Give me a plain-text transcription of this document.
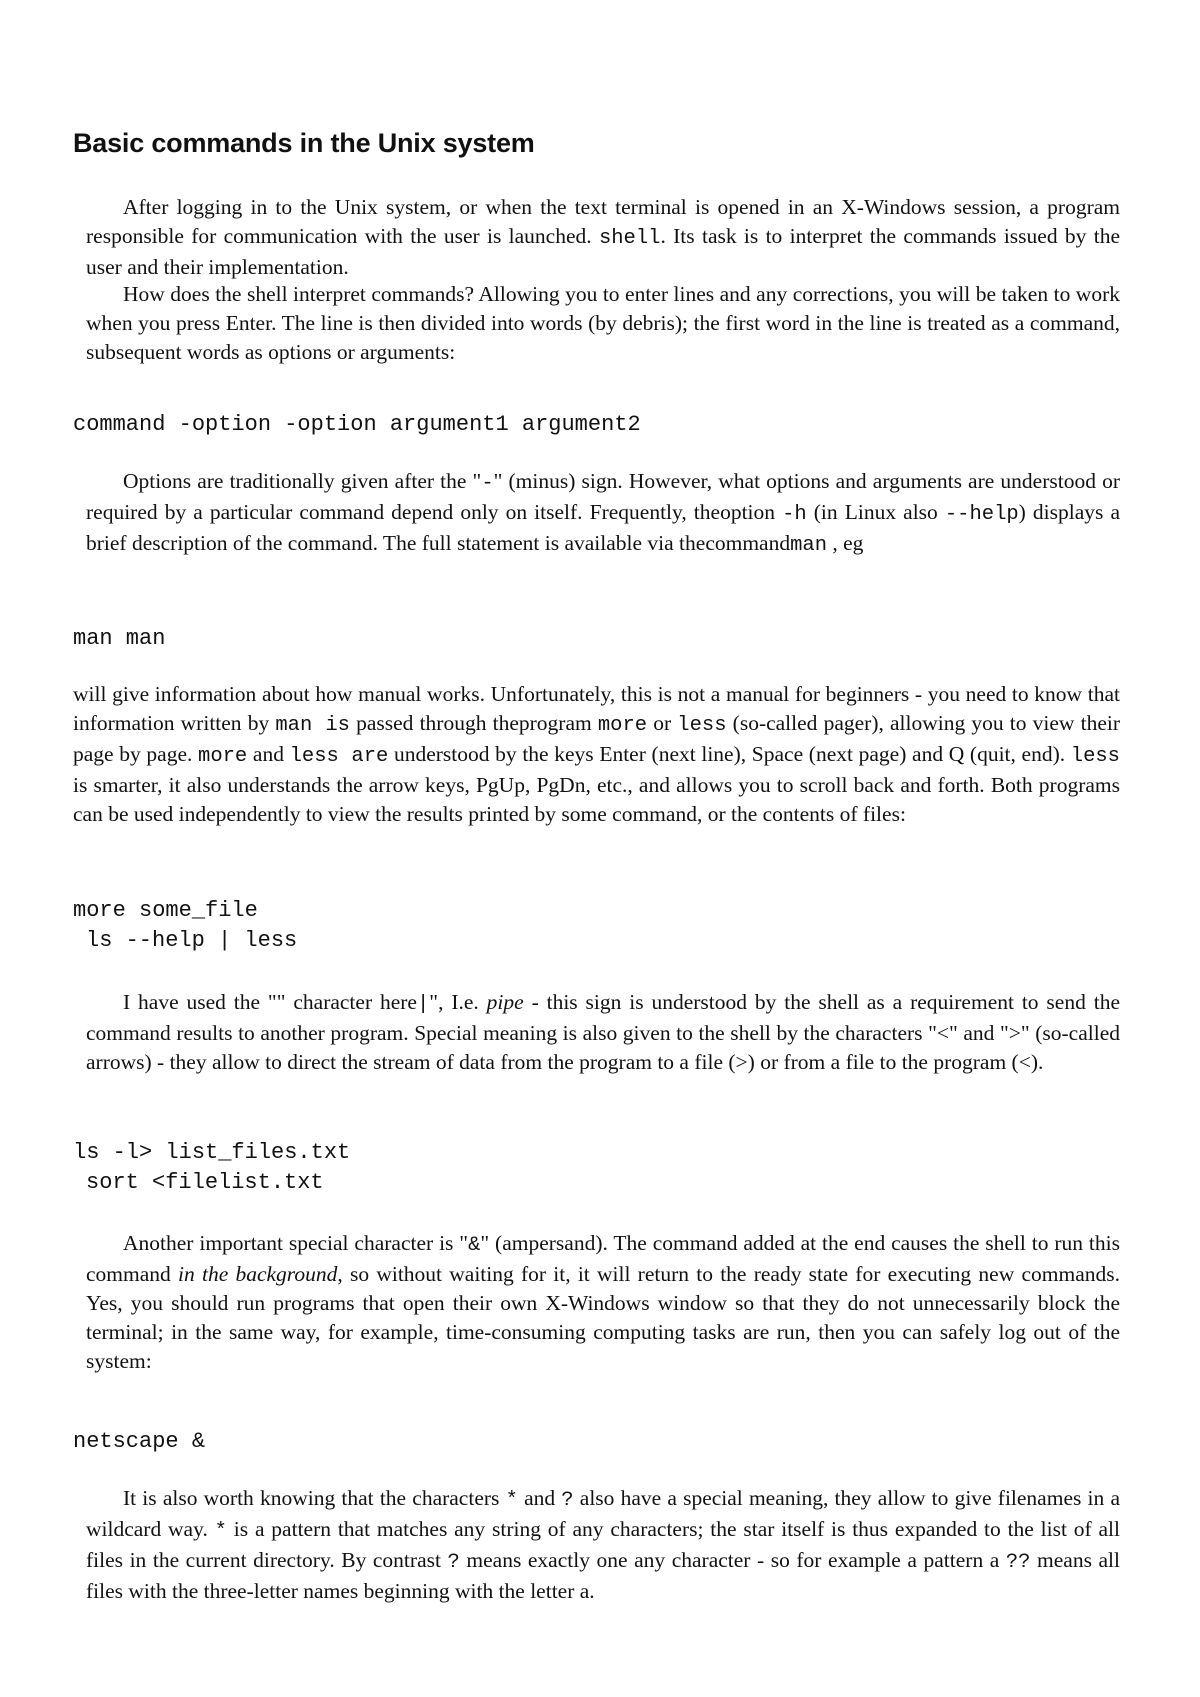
Basic commands in the Unix system

After logging in to the Unix system, or when the text terminal is opened in an X-Windows session, a program responsible for communication with the user is launched. shell. Its task is to interpret the commands issued by the user and their implementation.

How does the shell interpret commands? Allowing you to enter lines and any corrections, you will be taken to work when you press Enter. The line is then divided into words (by debris); the first word in the line is treated as a command, subsequent words as options or arguments:

command -option -option argument1 argument2

Options are traditionally given after the "-" (minus) sign. However, what options and arguments are understood or required by a particular command depend only on itself. Frequently, theoption -h (in Linux also --help) displays a brief description of the command. The full statement is available via thecommandman , eg

man man

will give information about how manual works. Unfortunately, this is not a manual for beginners - you need to know that information written by man is passed through theprogram more or less (so-called pager), allowing you to view their page by page. more and less are understood by the keys Enter (next line), Space (next page) and Q (quit, end). less is smarter, it also understands the arrow keys, PgUp, PgDn, etc., and allows you to scroll back and forth. Both programs can be used independently to view the results printed by some command, or the contents of files:

more some_file
ls --help | less

I have used the "" character here|", I.e. pipe - this sign is understood by the shell as a requirement to send the command results to another program. Special meaning is also given to the shell by the characters "<" and ">" (so-called arrows) - they allow to direct the stream of data from the program to a file (>) or from a file to the program (<).

ls -l> list_files.txt
sort <filelist.txt

Another important special character is "&" (ampersand). The command added at the end causes the shell to run this command in the background, so without waiting for it, it will return to the ready state for executing new commands. Yes, you should run programs that open their own X-Windows window so that they do not unnecessarily block the terminal; in the same way, for example, time-consuming computing tasks are run, then you can safely log out of the system:

netscape &

It is also worth knowing that the characters * and ? also have a special meaning, they allow to give filenames in a wildcard way. * is a pattern that matches any string of any characters; the star itself is thus expanded to the list of all files in the current directory. By contrast ? means exactly one any character - so for example a pattern a ?? means all files with the three-letter names beginning with the letter a.
